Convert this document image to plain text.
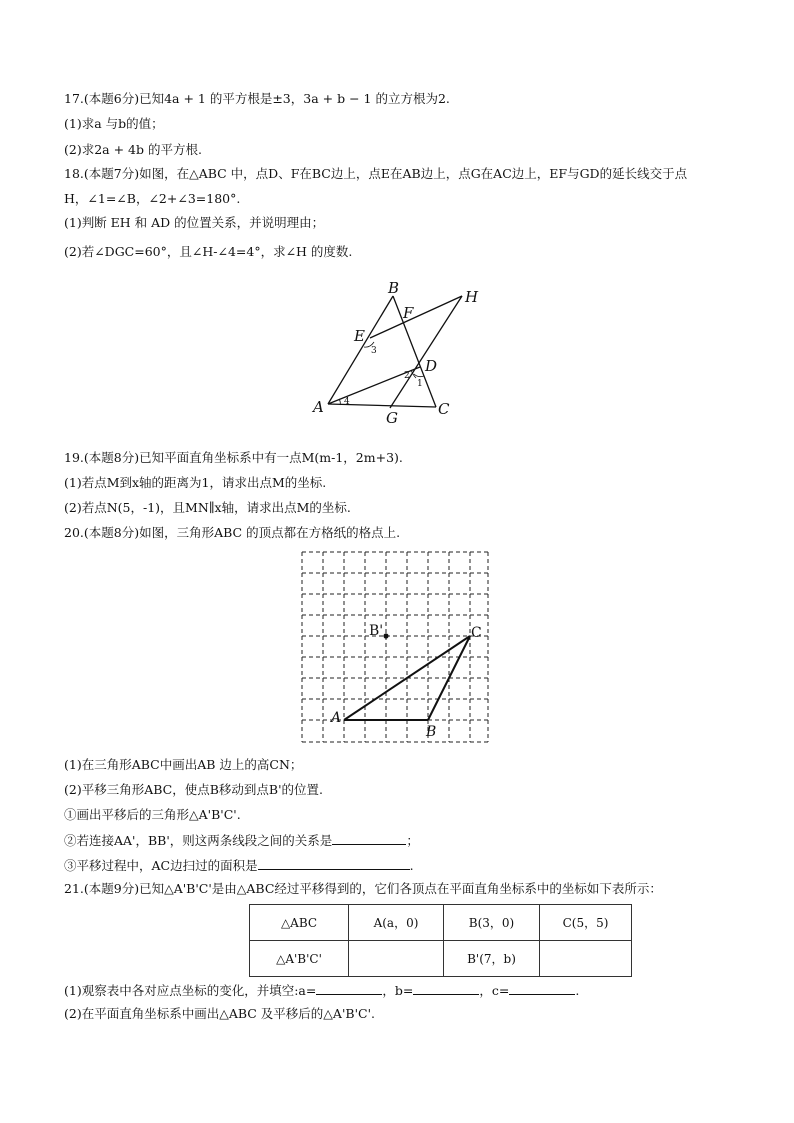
17.(本题6分)已知4a + 1 的平方根是±3，3a + b − 1 的立方根为2.
(1)求a 与b的值；
(2)求2a + 4b 的平方根.
18.(本题7分)如图，在△ABC 中，点D、F在BC边上，点E在AB边上，点G在AC边上，EF与GD的延长线交于点
H，∠1=∠B，∠2+∠3=180°.
(1)判断 EH 和 AD 的位置关系，并说明理由；
(2)若∠DGC=60°，且∠H-∠4=4°，求∠H 的度数.
A
B
C
D
E
F
G
H
3
1
2
4
19.(本题8分)已知平面直角坐标系中有一点M(m-1，2m+3).
(1)若点M到x轴的距离为1，请求出点M的坐标.
(2)若点N(5，-1)，且MN∥x轴，请求出点M的坐标.
20.(本题8分)如图，三角形ABC 的顶点都在方格纸的格点上.
A
B
C
B'
(1)在三角形ABC中画出AB 边上的高CN；
(2)平移三角形ABC，使点B移动到点B'的位置.
①画出平移后的三角形△A'B'C'.
②若连接AA'，BB'，则这两条线段之间的关系是	；
③平移过程中，AC边扫过的面积是	.
21.(本题9分)已知△A'B'C'是由△ABC经过平移得到的，它们各顶点在平面直角坐标系中的坐标如下表所示：
△ABC	A(a，0)	B(3，0)	C(5，5)
△A'B'C'		B'(7，b)	
(1)观察表中各对应点坐标的变化，并填空:a=	，b=	，c=	.
(2)在平面直角坐标系中画出△ABC 及平移后的△A'B'C'.
